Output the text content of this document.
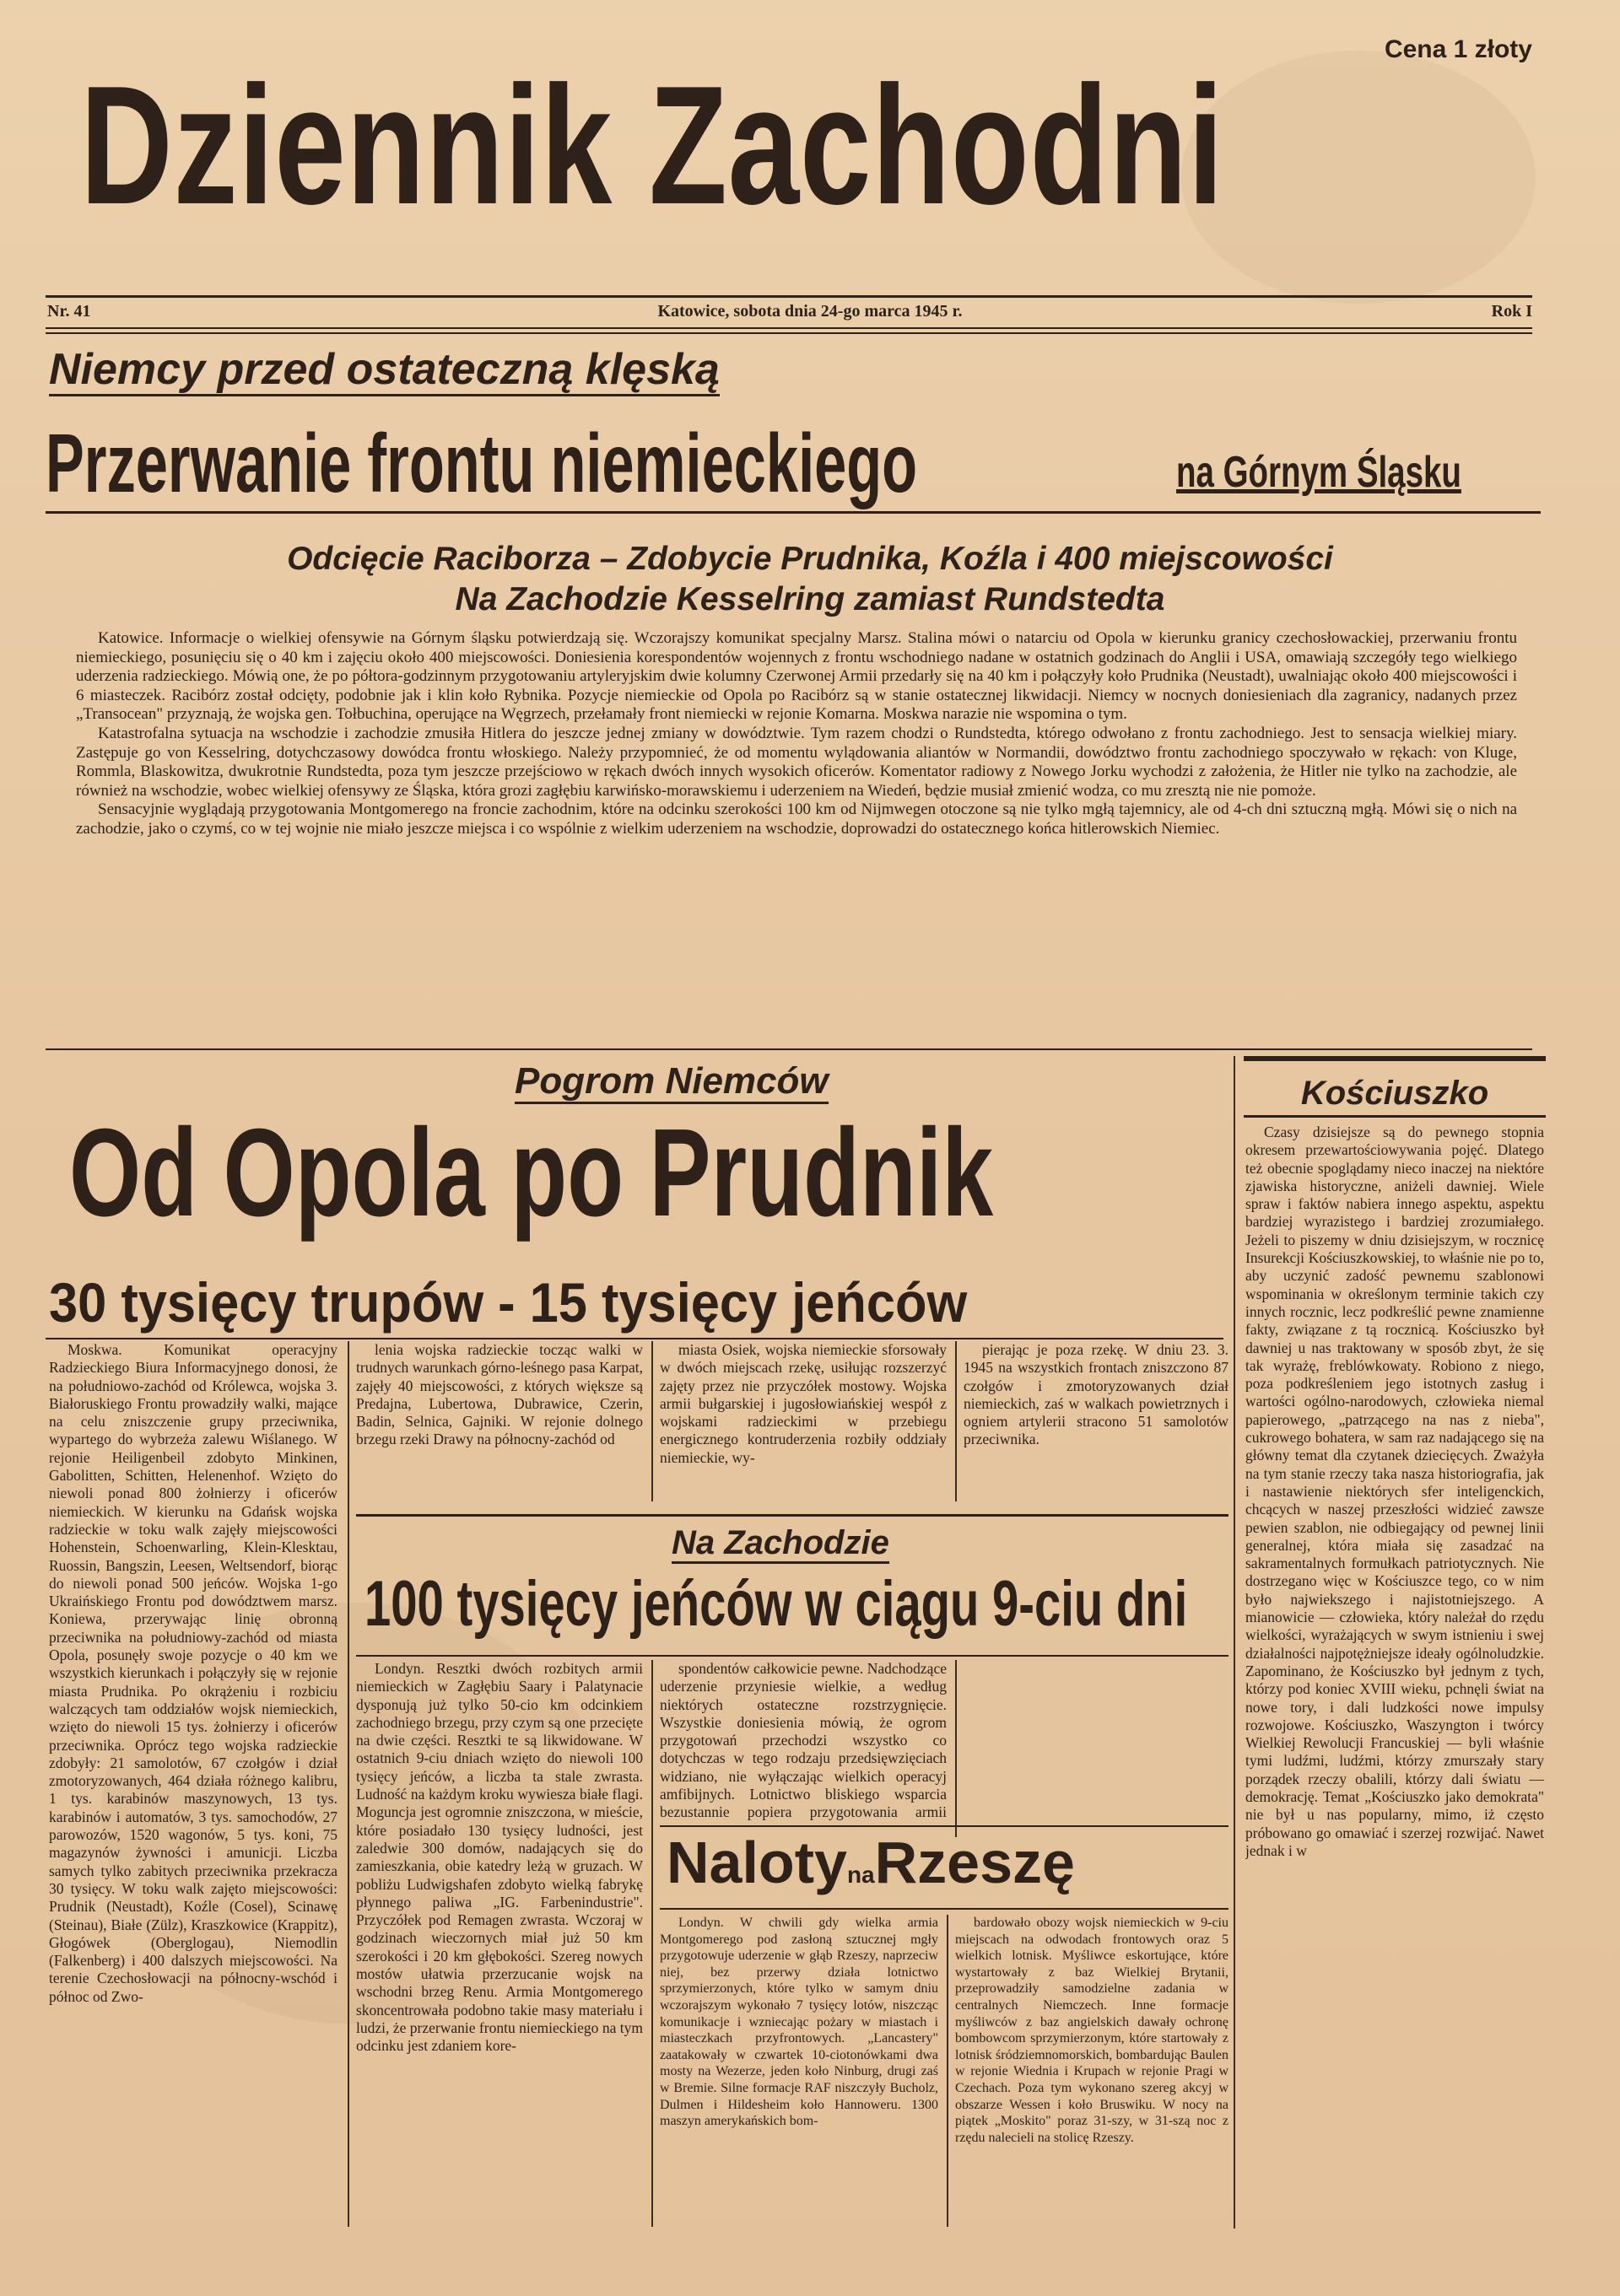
Cena 1 złoty
Dziennik Zachodni
Nr. 41	Katowice, sobota dnia 24-go marca 1945 r.	Rok I
Niemcy przed ostateczną klęską
Przerwanie frontu niemieckiego	na Górnym Śląsku
Odcięcie Raciborza – Zdobycie Prudnika, Koźla i 400 miejscowości
Na Zachodzie Kesselring zamiast Rundstedta

Katowice. Informacje o wielkiej ofensywie na Górnym śląsku potwierdzają się. Wczorajszy komunikat specjalny Marsz. Stalina mówi o natarciu od Opola w kierunku granicy czechosłowackiej, przerwaniu frontu niemieckiego, posunięciu się o 40 km i zajęciu około 400 miejscowości. Doniesienia korespondentów wojennych z frontu wschodniego nadane w ostatnich godzinach do Anglii i USA, omawiają szczegóły tego wielkiego uderzenia radzieckiego. Mówią one, że po półtora-godzinnym przygotowaniu artyleryjskim dwie kolumny Czerwonej Armii przedarły się na 40 km i połączyły koło Prudnika (Neustadt), uwalniając około 400 miejscowości i 6 miasteczek. Racibórz został odcięty, podobnie jak i klin koło Rybnika. Pozycje niemieckie od Opola po Racibórz są w stanie ostatecznej likwidacji. Niemcy w nocnych doniesieniach dla zagranicy, nadanych przez „Transocean" przyznają, że wojska gen. Tołbuchina, operujące na Węgrzech, przełamały front niemiecki w rejonie Komarna. Moskwa narazie nie wspomina o tym.

Katastrofalna sytuacja na wschodzie i zachodzie zmusiła Hitlera do jeszcze jednej zmiany w dowództwie. Tym razem chodzi o Rundstedta, którego odwołano z frontu zachodniego. Jest to sensacja wielkiej miary. Zastępuje go von Kesselring, dotychczasowy dowódca frontu włoskiego. Należy przypomnieć, że od momentu wylądowania aliantów w Normandii, dowództwo frontu zachodniego spoczywało w rękach: von Kluge, Rommla, Blaskowitza, dwukrotnie Rundstedta, poza tym jeszcze przejściowo w rękach dwóch innych wysokich oficerów. Komentator radiowy z Nowego Jorku wychodzi z założenia, że Hitler nie tylko na zachodzie, ale również na wschodzie, wobec wielkiej ofensywy ze Śląska, która grozi zagłębiu karwińsko-morawskiemu i uderzeniem na Wiedeń, będzie musiał zmienić wodza, co mu zresztą nie nie pomoże.

Sensacyjnie wyglądają przygotowania Montgomerego na froncie zachodnim, które na odcinku szerokości 100 km od Nijmwegen otoczone są nie tylko mgłą tajemnicy, ale od 4-ch dni sztuczną mgłą. Mówi się o nich na zachodzie, jako o czymś, co w tej wojnie nie miało jeszcze miejsca i co wspólnie z wielkim uderzeniem na wschodzie, doprowadzi do ostatecznego końca hitlerowskich Niemiec.

Pogrom Niemców
Od Opola po Prudnik
30 tysięcy trupów - 15 tysięcy jeńców

Moskwa. Komunikat operacyjny Radzieckiego Biura Informacyjnego donosi, że na południowo-zachód od Królewca, wojska 3. Białoruskiego Frontu prowadziły walki, mające na celu zniszczenie grupy przeciwnika, wypartego do wybrzeża zalewu Wiślanego. W rejonie Heiligenbeil zdobyto Minkinen, Gabolitten, Schitten, Helenenhof. Wzięto do niewoli ponad 800 żołnierzy i oficerów niemieckich. W kierunku na Gdańsk wojska radzieckie w toku walk zajęły miejscowości Hohenstein, Schoenwarling, Klein-Klesktau, Ruossin, Bangszin, Leesen, Weltsendorf, biorąc do niewoli ponad 500 jeńców. Wojska 1-go Ukraińskiego Frontu pod dowództwem marsz. Koniewa, przerywając linię obronną przeciwnika na południowy-zachód od miasta Opola, posunęły swoje pozycje o 40 km we wszystkich kierunkach i połączyły się w rejonie miasta Prudnika. Po okrążeniu i rozbiciu walczących tam oddziałów wojsk niemieckich, wzięto do niewoli 15 tys. żołnierzy i oficerów przeciwnika. Oprócz tego wojska radzieckie zdobyły: 21 samolotów, 67 czołgów i dział zmotoryzowanych, 464 działa różnego kalibru, 1 tys. karabinów maszynowych, 13 tys. karabinów i automatów, 3 tys. samochodów, 27 parowozów, 1520 wagonów, 5 tys. koni, 75 magazynów żywności i amunicji. Liczba samych tylko zabitych przeciwnika przekracza 30 tysięcy. W toku walk zajęto miejscowości: Prudnik (Neustadt), Koźle (Cosel), Scinawę (Steinau), Białe (Zülz), Kraszkowice (Krappitz), Głogówek (Oberglogau), Niemodlin (Falkenberg) i 400 dalszych miejscowości. Na terenie Czechosłowacji na północny-wschód i północ od Zwo-

lenia wojska radzieckie tocząc walki w trudnych warunkach górno-leśnego pasa Karpat, zajęły 40 miejscowości, z których większe są Predajna, Lubertowa, Dubrawice, Czerin, Badin, Selnica, Gajniki. W rejonie dolnego brzegu rzeki Drawy na północny-zachód od

miasta Osiek, wojska niemieckie sforsowały w dwóch miejscach rzekę, usiłując rozszerzyć zajęty przez nie przyczółek mostowy. Wojska armii bułgarskiej i jugosłowiańskiej wespół z wojskami radzieckimi w przebiegu energicznego kontruderzenia rozbiły oddziały niemieckie, wy-

pierając je poza rzekę. W dniu 23. 3. 1945 na wszystkich frontach zniszczono 87 czołgów i zmotoryzowanych dział niemieckich, zaś w walkach powietrznych i ogniem artylerii stracono 51 samolotów przeciwnika.

Na Zachodzie
100 tysięcy jeńców w ciągu 9-ciu dni

Londyn. Resztki dwóch rozbitych armii niemieckich w Zagłębiu Saary i Palatynacie dysponują już tylko 50-cio km odcinkiem zachodniego brzegu, przy czym są one przecięte na dwie części. Resztki te są likwidowane. W ostatnich 9-ciu dniach wzięto do niewoli 100 tysięcy jeńców, a liczba ta stale zwrasta. Ludność na każdym kroku wywiesza białe flagi. Moguncja jest ogromnie zniszczona, w mieście, które posiadało 130 tysięcy ludności, jest zaledwie 300 domów, nadających się do zamieszkania, obie katedry leżą w gruzach. W pobliżu Ludwigshafen zdobyto wielką fabrykę płynnego paliwa „IG. Farbenindustrie". Przyczółek pod Remagen zwrasta. Wczoraj w godzinach wieczornych miał już 50 km szerokości i 20 km głębokości. Szereg nowych mostów ułatwia przerzucanie wojsk na wschodni brzeg Renu. Armia Montgomerego skoncentrowała podobno takie masy materiału i ludzi, że przerwanie frontu niemieckiego na tym odcinku jest zdaniem kore-

spondentów całkowicie pewne. Nadchodzące uderzenie przyniesie wielkie, a według niektórych ostateczne rozstrzygnięcie. Wszystkie doniesienia mówią, że ogrom przygotowań przechodzi wszystko co dotychczas w tego rodzaju przedsięwzięciach widziano, nie wyłączając wielkich operacyj amfibijnych. Lotnictwo bliskiego wsparcia bezustannie popiera przygotowania armii

NalotynaRzeszę

Londyn. W chwili gdy wielka armia Montgomerego pod zasłoną sztucznej mgły przygotowuje uderzenie w głąb Rzeszy, naprzeciw niej, bez przerwy działa lotnictwo sprzymierzonych, które tylko w samym dniu wczorajszym wykonało 7 tysięcy lotów, niszcząc komunikacje i wzniecając pożary w miastach i miasteczkach przyfrontowych. „Lancastery" zaatakowały w czwartek 10-ciotonówkami dwa mosty na Wezerze, jeden koło Ninburg, drugi zaś w Bremie. Silne formacje RAF niszczyły Bucholz, Dulmen i Hildesheim koło Hannoweru. 1300 maszyn amerykańskich bom-

bardowało obozy wojsk niemieckich w 9-ciu miejscach na odwodach frontowych oraz 5 wielkich lotnisk. Myśliwce eskortujące, które wystartowały z baz Wielkiej Brytanii, przeprowadziły samodzielne zadania w centralnych Niemczech. Inne formacje myśliwców z baz angielskich dawały ochronę bombowcom sprzymierzonym, które startowały z lotnisk śródziemnomorskich, bombardując Baulen w rejonie Wiednia i Krupach w rejonie Pragi w Czechach. Poza tym wykonano szereg akcyj w obszarze Wessen i koło Bruswiku. W nocy na piątek „Moskito" poraz 31-szy, w 31-szą noc z rzędu nalecieli na stolicę Rzeszy.

Kościuszko

Czasy dzisiejsze są do pewnego stopnia okresem przewartościowywania pojęć. Dlatego też obecnie spoglądamy nieco inaczej na niektóre zjawiska historyczne, aniżeli dawniej. Wiele spraw i faktów nabiera innego aspektu, aspektu bardziej wyrazistego i bardziej zrozumiałego. Jeżeli to piszemy w dniu dzisiejszym, w rocznicę Insurekcji Kościuszkowskiej, to właśnie nie po to, aby uczynić zadość pewnemu szablonowi wspominania w określonym terminie takich czy innych rocznic, lecz podkreślić pewne znamienne fakty, związane z tą rocznicą. Kościuszko był dawniej u nas traktowany w sposób zbyt, że się tak wyrażę, freblówkowaty. Robiono z niego, poza podkreśleniem jego istotnych zasług i wartości ogólno-narodowych, człowieka niemal papierowego, „patrzącego na nas z nieba", cukrowego bohatera, w sam raz nadającego się na główny temat dla czytanek dziecięcych. Zważyła na tym stanie rzeczy taka nasza historiografia, jak i nastawienie niektórych sfer inteligenckich, chcących w naszej przeszłości widzieć zawsze pewien szablon, nie odbiegający od pewnej linii generalnej, która miała się zasadzać na sakramentalnych formułkach patriotycznych. Nie dostrzegano więc w Kościuszce tego, co w nim było najwiekszego i najistotniejszego. A mianowicie — człowieka, który należał do rzędu wielkości, wyrażających w swym istnieniu i swej działalności najpotężniejsze ideały ogólnoludzkie. Zapominano, że Kościuszko był jednym z tych, którzy pod koniec XVIII wieku, pchnęli świat na nowe tory, i dali ludzkości nowe impulsy rozwojowe. Kościuszko, Waszyngton i twórcy Wielkiej Rewolucji Francuskiej — byli właśnie tymi ludźmi, ludźmi, którzy zmurszały stary porządek rzeczy obalili, którzy dali światu — demokrację. Temat „Kościuszko jako demokrata" nie był u nas popularny, mimo, iż często próbowano go omawiać i szerzej rozwijać. Nawet jednak i w
